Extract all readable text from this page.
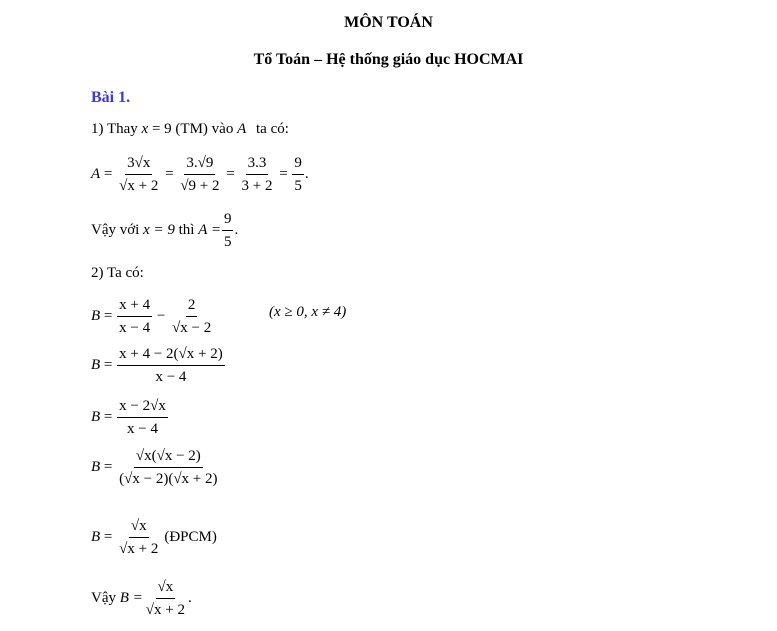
MÔN TOÁN
Tổ Toán – Hệ thống giáo dục HOCMAI
Bài 1.
1) Thay x = 9 (TM) vào A ta có:
$A = \frac{3√x}{√x + 2} = \frac{3.√9}{√9 + 2} = \frac{3.3}{3 + 2} = \frac{9}{5}$ .
Vậy với
x = 9
thì
$A = \frac{9}{5}$ .
2) Ta có:
$B = \frac{x + 4}{x - 4} - \frac{2}{√x - 2}$	(x ≥ 0, x ≠ 4)
$B = \frac{x + 4 - 2(√x + 2)}{x - 4}$
$B = \frac{x - 2√x}{x - 4}$
$B = \frac{√x(√x - 2)}{(√x - 2)(√x + 2)}$
$B = \frac{√x}{√x + 2}$ (ĐPCM)
Vậy
$B = \frac{√x}{√x + 2}$ .
